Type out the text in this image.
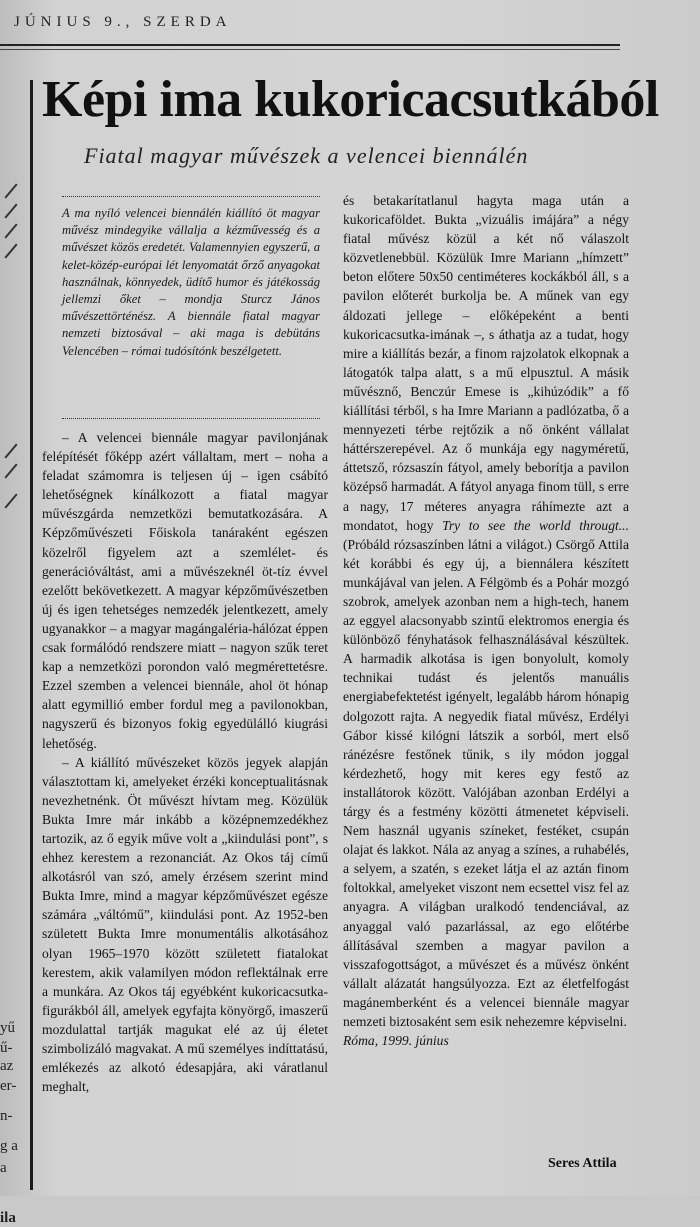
JÚNIUS 9., SZERDA
yű
ű-
az
er-
n-
g a
a
ila
Képi ima kukoricacsutkából
Fiatal magyar művészek a velencei biennálén
A ma nyíló velencei biennálén kiállító öt magyar művész mindegyike vállalja a kézművesség és a művészet közös eredetét. Valamennyien egyszerű, a kelet-közép-európai lét lenyomatát őrző anyagokat használnak, könnyedek, üdítő humor és játékosság jellemzi őket – mondja Sturcz János művészettörténész. A biennále fiatal magyar nemzeti biztosával – aki maga is debütáns Velencében – római tudósítónk beszélgetett.

– A velencei biennále magyar pavilonjának felépítését főképp azért vállaltam, mert – noha a feladat számomra is teljesen új – igen csábító lehetőségnek kínálkozott a fiatal magyar művészgárda nemzetközi bemutatkozására. A Képzőművészeti Főiskola tanáraként egészen közelről figyelem azt a szemlélet- és generációváltást, ami a művészeknél öt-tíz évvel ezelőtt bekövetkezett. A magyar képzőművészetben új és igen tehetséges nemzedék jelentkezett, amely ugyanakkor – a magyar magángaléria-hálózat éppen csak formálódó rendszere miatt – nagyon szűk teret kap a nemzetközi porondon való megmérettetésre. Ezzel szemben a velencei biennále, ahol öt hónap alatt egymillió ember fordul meg a pavilonokban, nagyszerű és bizonyos fokig egyedülálló kiugrási lehetőség.

– A kiállító művészeket közös jegyek alapján választottam ki, amelyeket érzéki konceptualitásnak nevezhetnénk. Öt művészt hívtam meg. Közülük Bukta Imre már inkább a középnemzedékhez tartozik, az ő egyik műve volt a „kiindulási pont”, s ehhez kerestem a rezonanciát. Az Okos táj című alkotásról van szó, amely érzésem szerint mind Bukta Imre, mind a magyar képzőművészet egésze számára „váltómű”, kiindulási pont. Az 1952-ben született Bukta Imre monumentális alkotásához olyan 1965–1970 között született fiatalokat kerestem, akik valamilyen módon reflektálnak erre a munkára. Az Okos táj egyébként kukoricacsutka-figurákból áll, amelyek egyfajta könyörgő, imaszerű mozdulattal tartják magukat elé az új életet szimbolizáló magvakat. A mű személyes indíttatású, emlékezés az alkotó édesapjára, aki váratlanul meghalt,

és betakarítatlanul hagyta maga után a kukoricaföldet. Bukta „vizuális imájára” a négy fiatal művész közül a két nő válaszolt közvetlenebbül. Közülük Imre Mariann „hímzett” beton előtere 50x50 centiméteres kockákból áll, s a pavilon előterét burkolja be. A műnek van egy áldozati jellege – előképeként a benti kukoricacsutka-imának –, s áthatja az a tudat, hogy mire a kiállítás bezár, a finom rajzolatok elkopnak a látogatók talpa alatt, s a mű elpusztul. A másik művésznő, Benczúr Emese is „kihúzódik” a fő kiállítási térből, s ha Imre Mariann a padlózatba, ő a mennyezeti térbe rejtőzik a nő önként vállalat háttérszerepével. Az ő munkája egy nagyméretű, áttetsző, rózsaszín fátyol, amely beborítja a pavilon középső harmadát. A fátyol anyaga finom tüll, s erre a nagy, 17 méteres anyagra ráhímezte azt a mondatot, hogy Try to see the world througt... (Próbáld rózsaszínben látni a világot.) Csörgő Attila két korábbi és egy új, a biennálera készített munkájával van jelen. A Félgömb és a Pohár mozgó szobrok, amelyek azonban nem a high-tech, hanem az eggyel alacsonyabb szintű elektromos energia és különböző fényhatások felhasználásával készültek. A harmadik alkotása is igen bonyolult, komoly technikai tudást és jelentős manuális energiabefektetést igényelt, legalább három hónapig dolgozott rajta. A negyedik fiatal művész, Erdélyi Gábor kissé kilógni látszik a sorból, mert első ránézésre festőnek tűnik, s ily módon joggal kérdezhető, hogy mit keres egy festő az installátorok között. Valójában azonban Erdélyi a tárgy és a festmény közötti átmenetet képviseli. Nem használ ugyanis színeket, festéket, csupán olajat és lakkot. Nála az anyag a színes, a ruhabélés, a selyem, a szatén, s ezeket látja el az aztán finom foltokkal, amelyeket viszont nem ecsettel visz fel az anyagra. A világban uralkodó tendenciával, az anyaggal való pazarlással, az ego előtérbe állításával szemben a magyar pavilon a visszafogottságot, a művészet és a művész önként vállalt alázatát hangsúlyozza. Ezt az életfelfogást magánemberként és a velencei biennále magyar nemzeti biztosaként sem esik nehezemre képviselni.

Róma, 1999. június

Seres Attila
